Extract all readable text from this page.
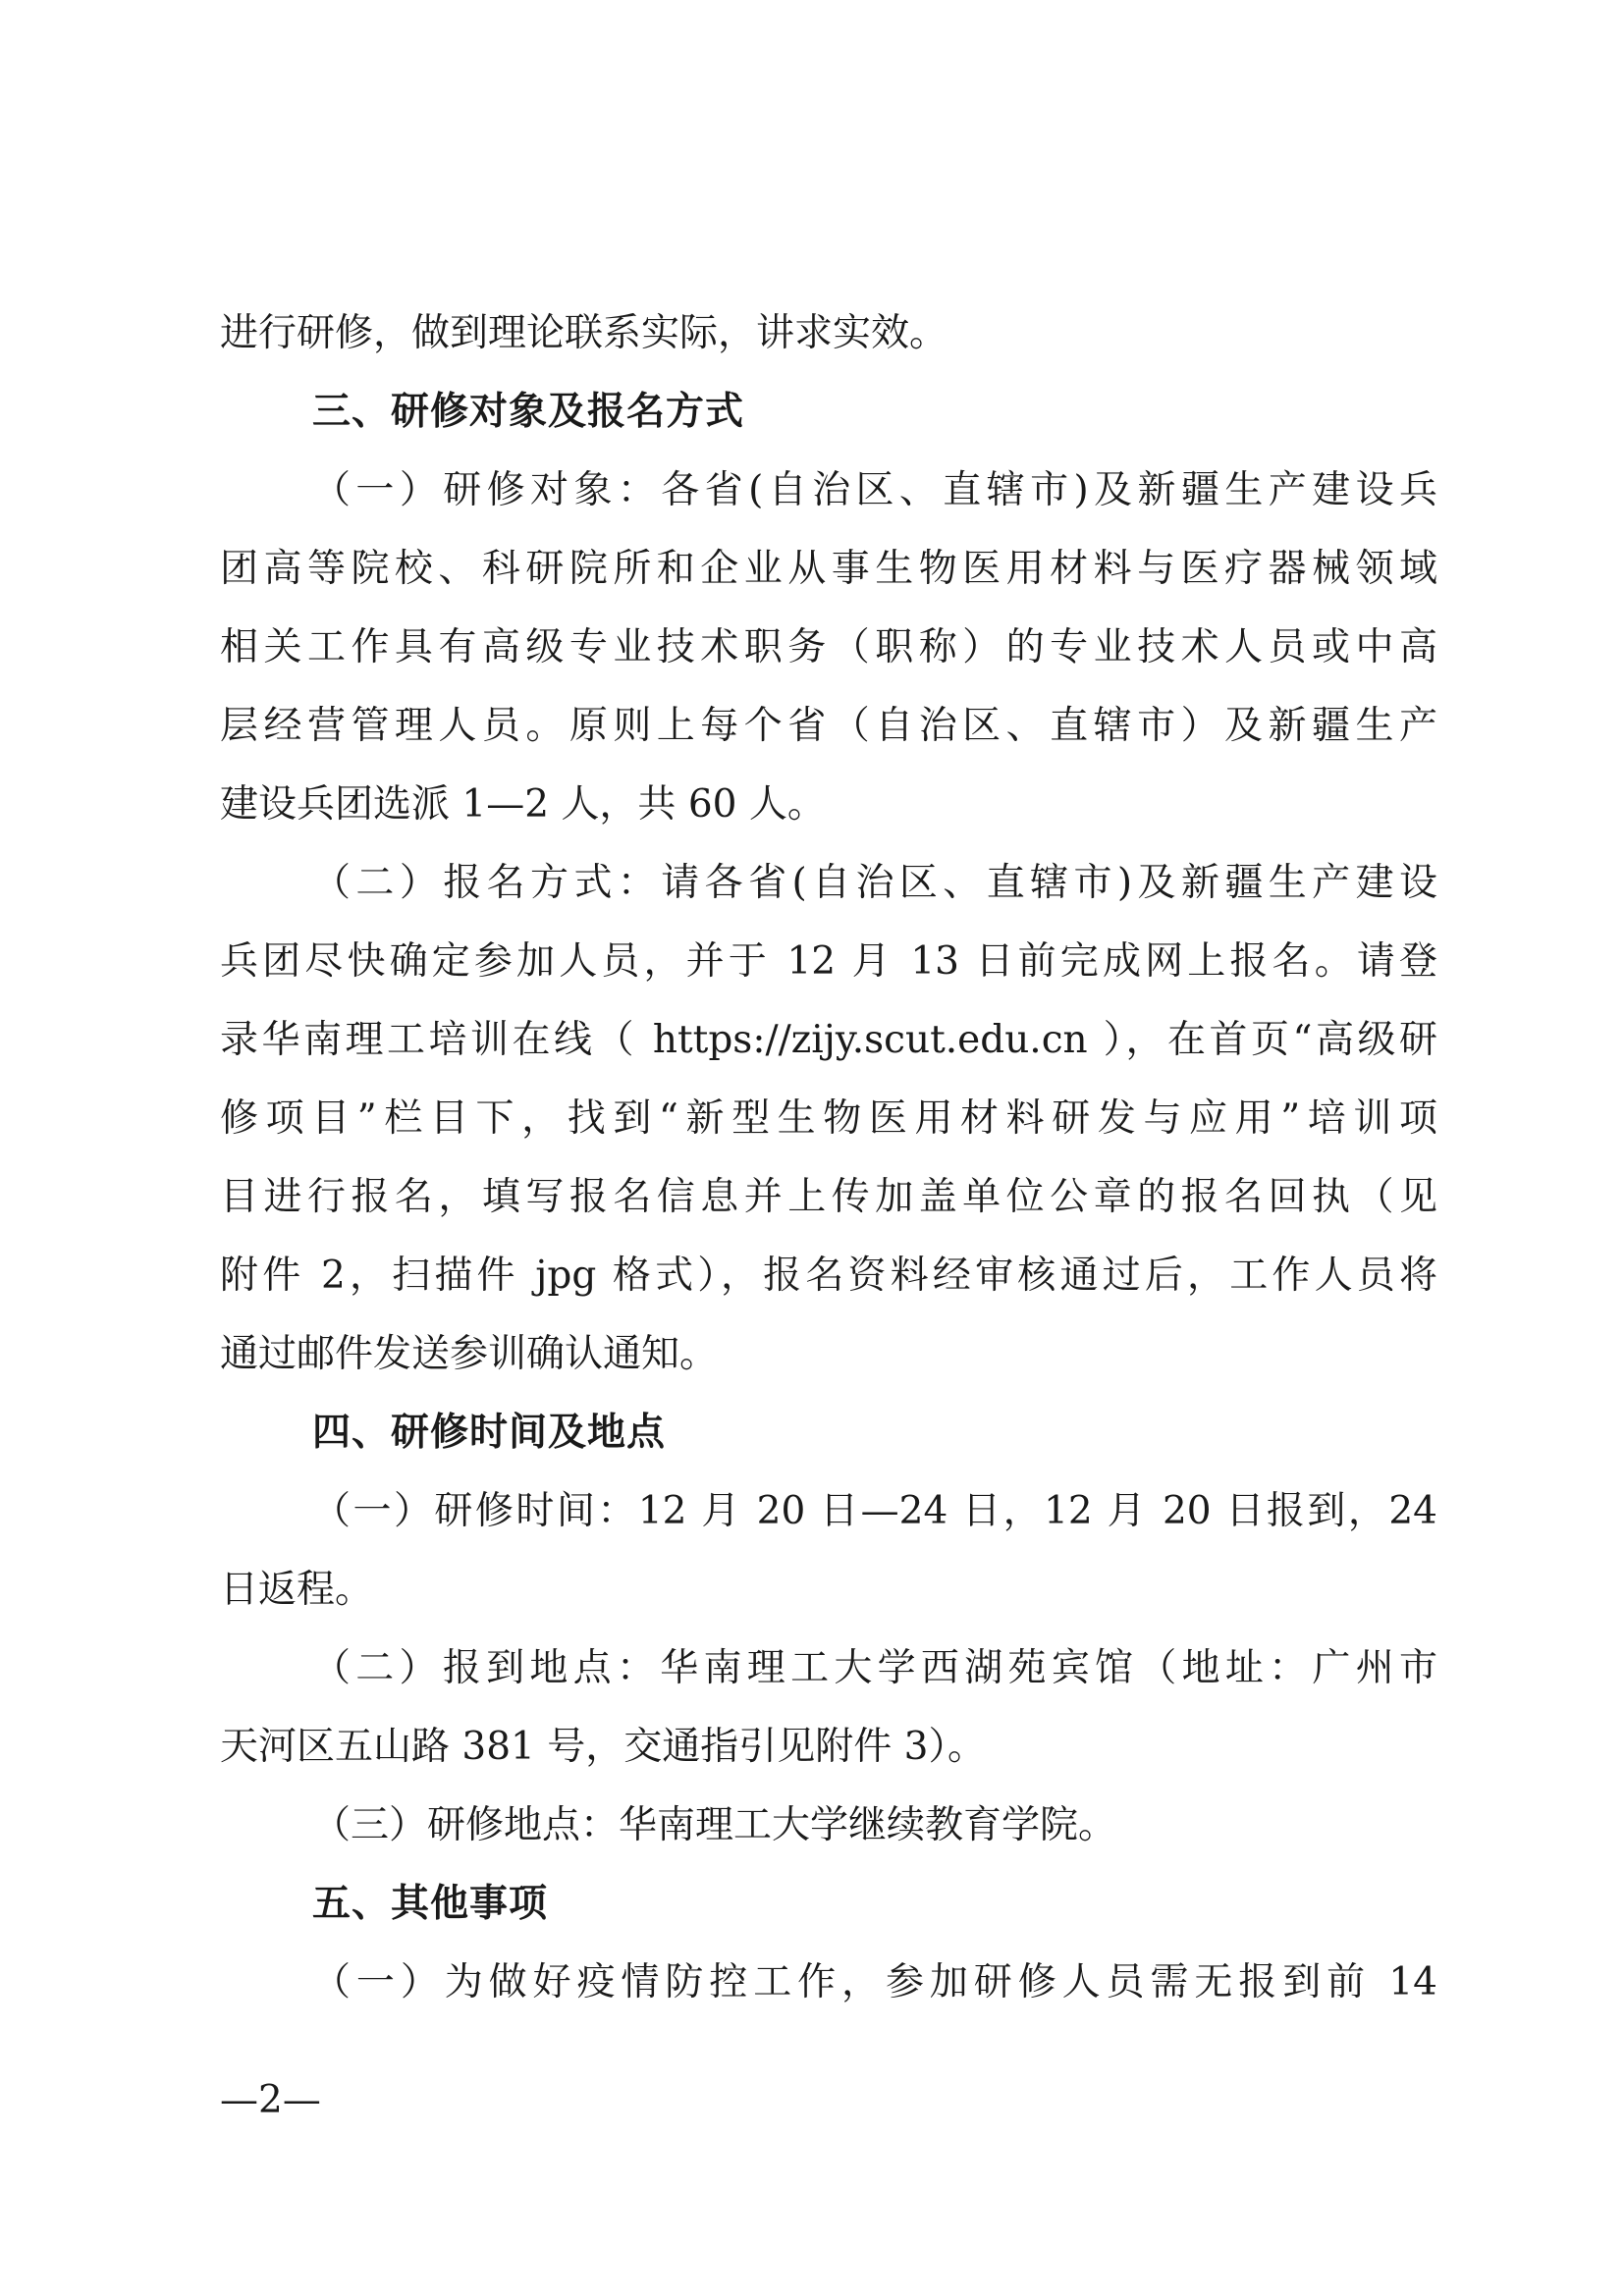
进行研修，做到理论联系实际，讲求实效。
三、研修对象及报名方式
（一）研修对象：各省(自治区、直辖市)及新疆生产建设兵
团高等院校、科研院所和企业从事生物医用材料与医疗器械领域
相关工作具有高级专业技术职务（职称）的专业技术人员或中高
层经营管理人员。原则上每个省（自治区、直辖市）及新疆生产
建设兵团选派 1—2 人，共 60 人。
（二）报名方式：请各省(自治区、直辖市)及新疆生产建设
兵团尽快确定参加人员，并于 12 月 13 日前完成网上报名。请登
录华南理工培训在线（ https://zijy.scut.edu.cn ），在首页“高级研
修项目”栏目下，找到“新型生物医用材料研发与应用”培训项
目进行报名，填写报名信息并上传加盖单位公章的报名回执（见
附件 2，扫描件 jpg 格式），报名资料经审核通过后，工作人员将
通过邮件发送参训确认通知。
四、研修时间及地点
（一）研修时间：12 月 20 日—24 日，12 月 20 日报到，24
日返程。
（二）报到地点：华南理工大学西湖苑宾馆（地址：广州市
天河区五山路 381 号，交通指引见附件 3）。
（三）研修地点：华南理工大学继续教育学院。
五、其他事项
（一）为做好疫情防控工作，参加研修人员需无报到前 14
—2—
